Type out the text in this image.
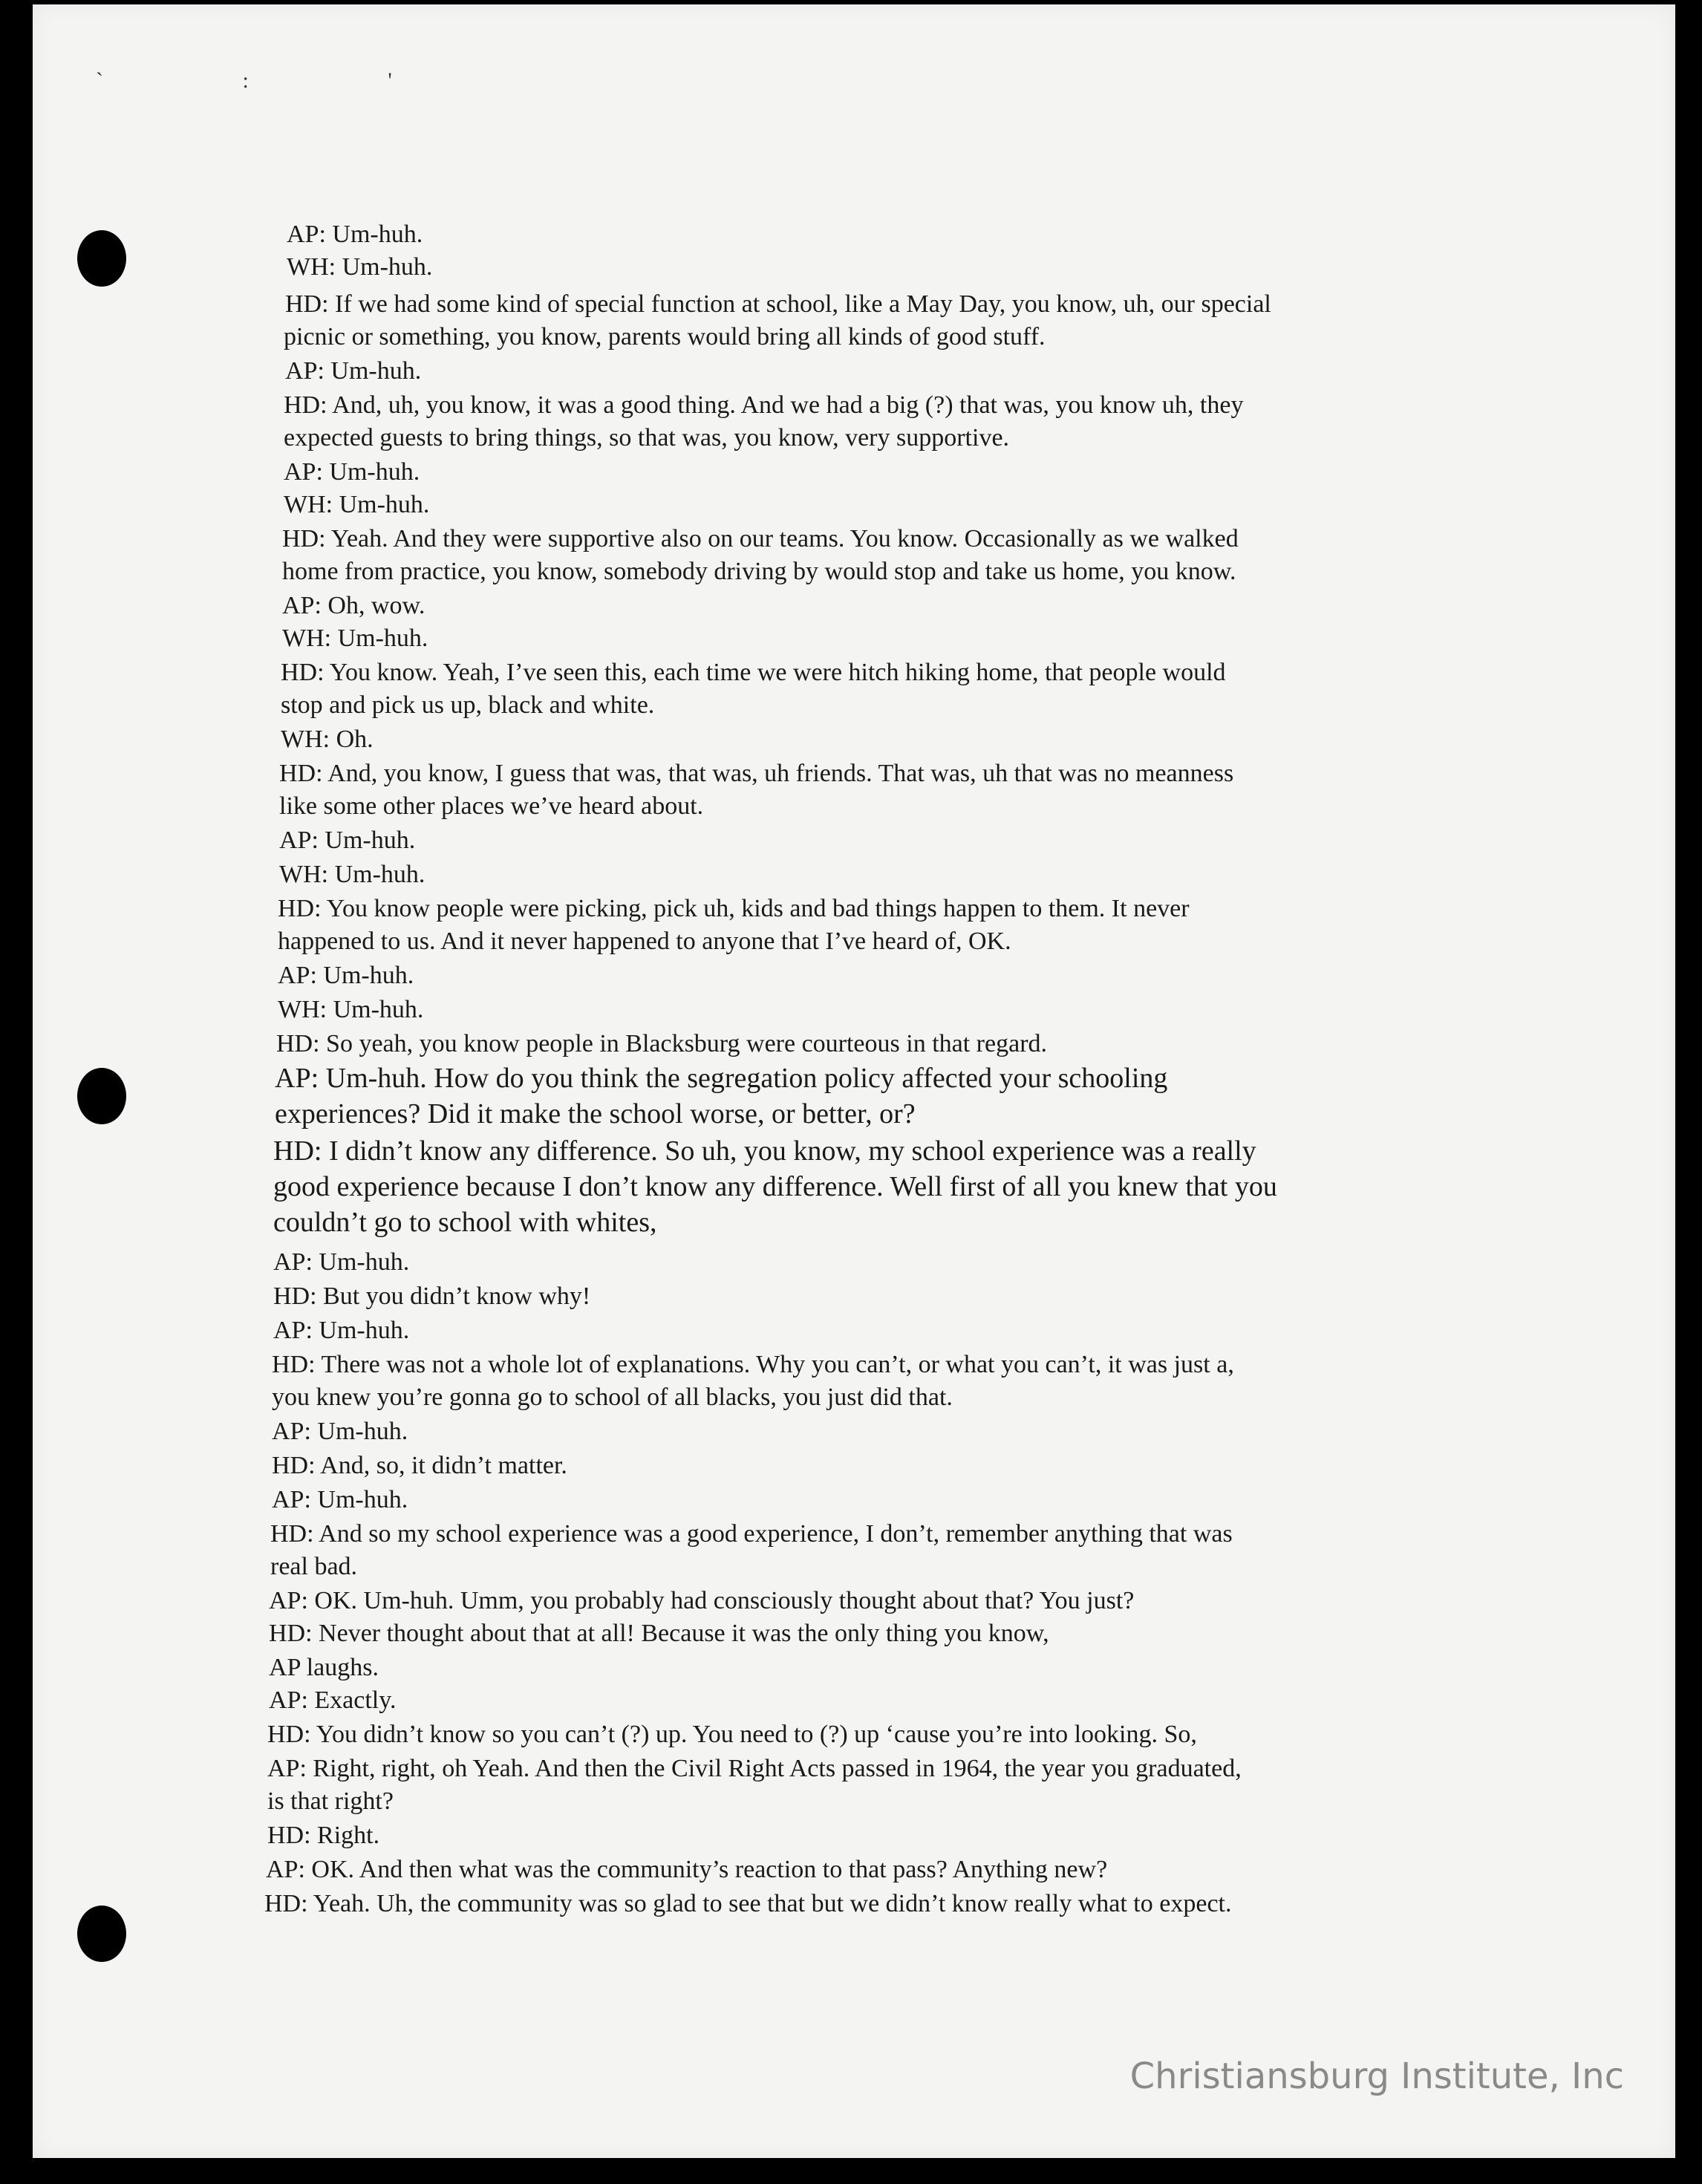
` : '
AP: Um-huh.
WH: Um-huh.
HD: If we had some kind of special function at school, like a May Day, you know, uh, our special
picnic or something, you know, parents would bring all kinds of good stuff.
AP: Um-huh.
HD: And, uh, you know, it was a good thing. And we had a big (?) that was, you know uh, they
expected guests to bring things, so that was, you know, very supportive.
AP: Um-huh.
WH: Um-huh.
HD: Yeah. And they were supportive also on our teams. You know. Occasionally as we walked
home from practice, you know, somebody driving by would stop and take us home, you know.
AP: Oh, wow.
WH: Um-huh.
HD: You know. Yeah, I’ve seen this, each time we were hitch hiking home, that people would
stop and pick us up, black and white.
WH: Oh.
HD: And, you know, I guess that was, that was, uh friends. That was, uh that was no meanness
like some other places we’ve heard about.
AP: Um-huh.
WH: Um-huh.
HD: You know people were picking, pick uh, kids and bad things happen to them. It never
happened to us. And it never happened to anyone that I’ve heard of, OK.
AP: Um-huh.
WH: Um-huh.
HD: So yeah, you know people in Blacksburg were courteous in that regard.
AP: Um-huh. How do you think the segregation policy affected your schooling
experiences? Did it make the school worse, or better, or?
HD: I didn’t know any difference. So uh, you know, my school experience was a really
good experience because I don’t know any difference. Well first of all you knew that you
couldn’t go to school with whites,
AP: Um-huh.
HD: But you didn’t know why!
AP: Um-huh.
HD: There was not a whole lot of explanations. Why you can’t, or what you can’t, it was just a,
you knew you’re gonna go to school of all blacks, you just did that.
AP: Um-huh.
HD: And, so, it didn’t matter.
AP: Um-huh.
HD: And so my school experience was a good experience, I don’t, remember anything that was
real bad.
AP: OK. Um-huh. Umm, you probably had consciously thought about that? You just?
HD: Never thought about that at all! Because it was the only thing you know,
AP laughs.
AP: Exactly.
HD: You didn’t know so you can’t (?) up. You need to (?) up ‘cause you’re into looking. So,
AP: Right, right, oh Yeah. And then the Civil Right Acts passed in 1964, the year you graduated,
is that right?
HD: Right.
AP: OK. And then what was the community’s reaction to that pass? Anything new?
HD: Yeah. Uh, the community was so glad to see that but we didn’t know really what to expect.
Christiansburg Institute, Inc
